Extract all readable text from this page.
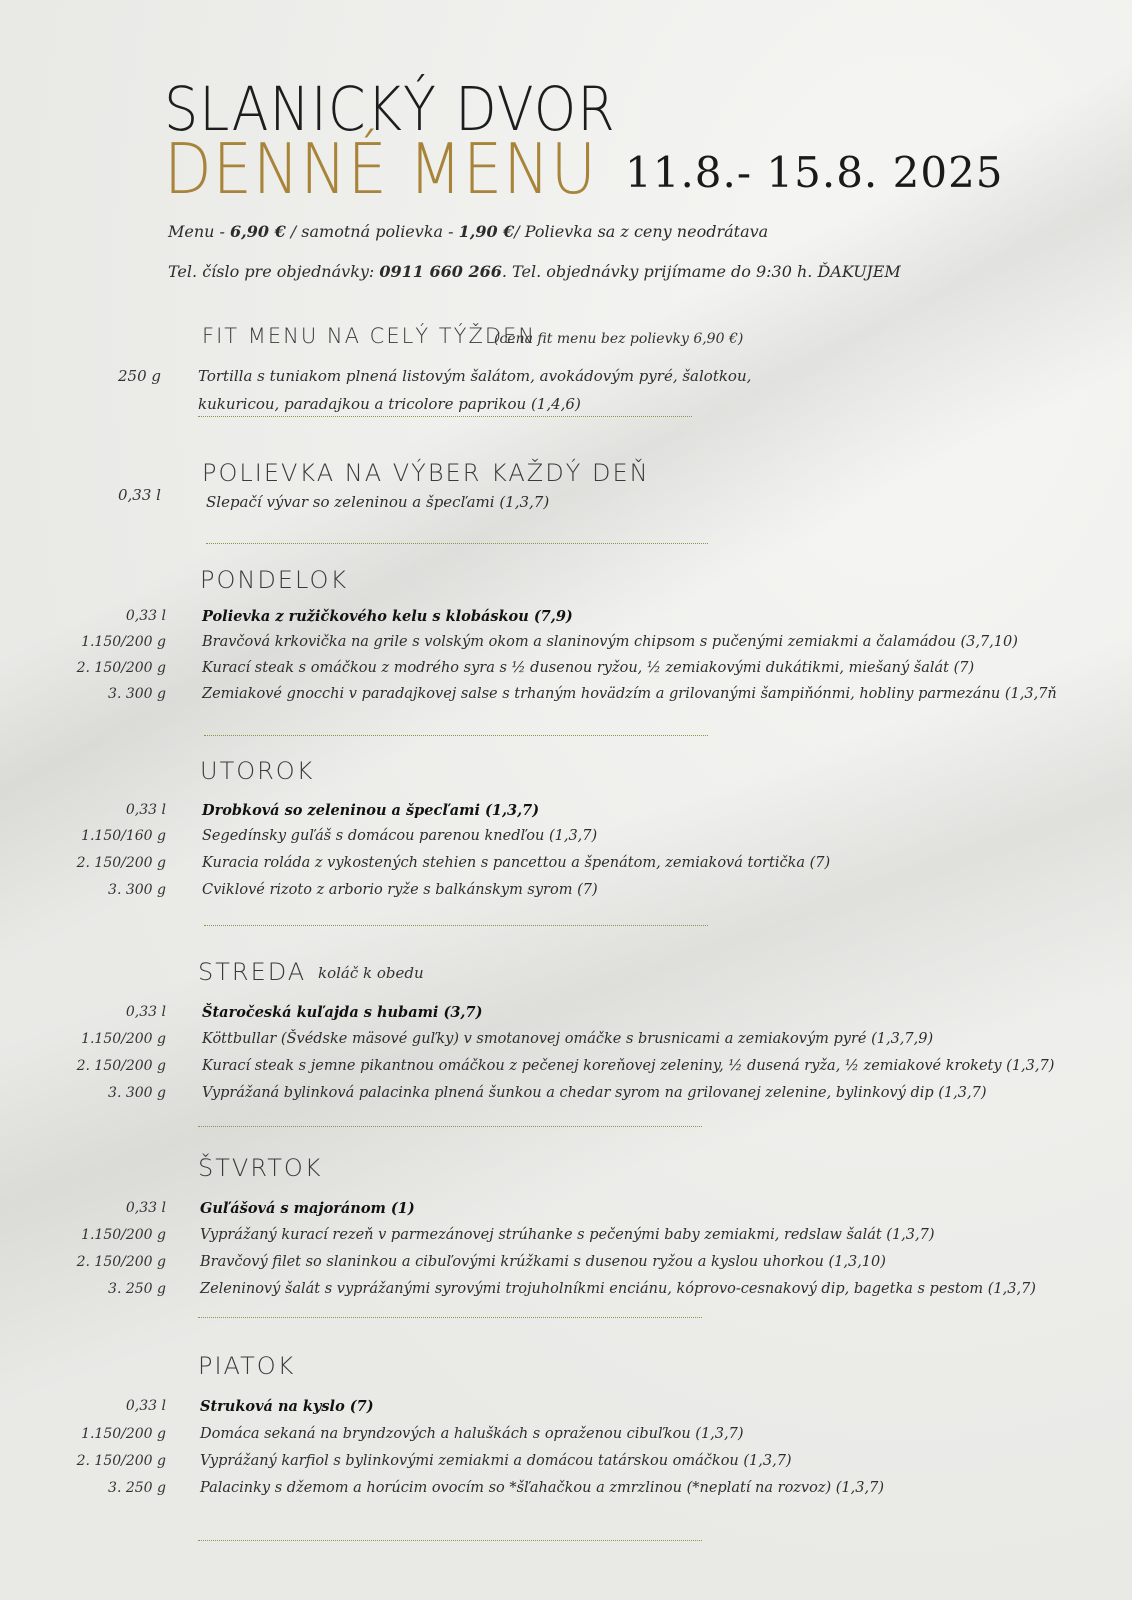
SLANICKÝ DVOR
DENNÉ MENU 11.8.- 15.8. 2025
Menu - 6,90 € / samotná polievka - 1,90 €/ Polievka sa z ceny neodrátava
Tel. číslo pre objednávky: 0911 660 266. Tel. objednávky prijímame do 9:30 h. ĎAKUJEM
FIT MENU NA CELÝ TÝŽDEN
(cena fit menu bez polievky 6,90 €)
250 g Tortilla s tuniakom plnená listovým šalátom, avokádovým pyré, šalotkou,
kukuricou, paradajkou a tricolore paprikou (1,4,6)
POLIEVKA NA VÝBER KAŽDÝ DEŇ
0,33 l	Slepačí vývar so zeleninou a špecľami (1,3,7)
PONDELOK
0,33 l Polievka z ružičkového kelu s klobáskou (7,9)
1.150/200 g Bravčová krkovička na grile s volským okom a slaninovým chipsom s pučenými zemiakmi a čalamádou (3,7,10)
2. 150/200 g Kurací steak s omáčkou z modrého syra s ½ dusenou ryžou, ½ zemiakovými dukátikmi, miešaný šalát (7)
3. 300 g Zemiakové gnocchi v paradajkovej salse s trhaným hovädzím a grilovanými šampiňónmi, hobliny parmezánu (1,3,7ň
UTOROK
0,33 l Drobková so zeleninou a špecľami (1,3,7)
1.150/160 g Segedínsky guľáš s domácou parenou knedľou (1,3,7)
2. 150/200 g Kuracia roláda z vykostených stehien s pancettou a špenátom, zemiaková tortička (7)
3. 300 g Cviklové rizoto z arborio ryže s balkánskym syrom (7)
STREDA koláč k obedu
0,33 l Štaročeská kuľajda s hubami (3,7)
1.150/200 g Köttbullar (Švédske mäsové guľky) v smotanovej omáčke s brusnicami a zemiakovým pyré (1,3,7,9)
2. 150/200 g Kurací steak s jemne pikantnou omáčkou z pečenej koreňovej zeleniny, ½ dusená ryža, ½ zemiakové krokety (1,3,7)
3. 300 g Vyprážaná bylinková palacinka plnená šunkou a chedar syrom na grilovanej zelenine, bylinkový dip (1,3,7)
ŠTVRTOK
0,33 l Guľášová s majoránom (1)
1.150/200 g Vyprážaný kurací rezeň v parmezánovej strúhanke s pečenými baby zemiakmi, redslaw šalát (1,3,7)
2. 150/200 g Bravčový filet so slaninkou a cibuľovými krúžkami s dusenou ryžou a kyslou uhorkou (1,3,10)
3. 250 g Zeleninový šalát s vyprážanými syrovými trojuholníkmi enciánu, kóprovo-cesnakový dip, bagetka s pestom (1,3,7)
PIATOK
0,33 l Struková na kyslo (7)
1.150/200 g Domáca sekaná na bryndzových a haluškách s opraženou cibuľkou (1,3,7)
2. 150/200 g Vyprážaný karfiol s bylinkovými zemiakmi a domácou tatárskou omáčkou (1,3,7)
3. 250 g Palacinky s džemom a horúcim ovocím so *šľahačkou a zmrzlinou (*neplatí na rozvoz) (1,3,7)
